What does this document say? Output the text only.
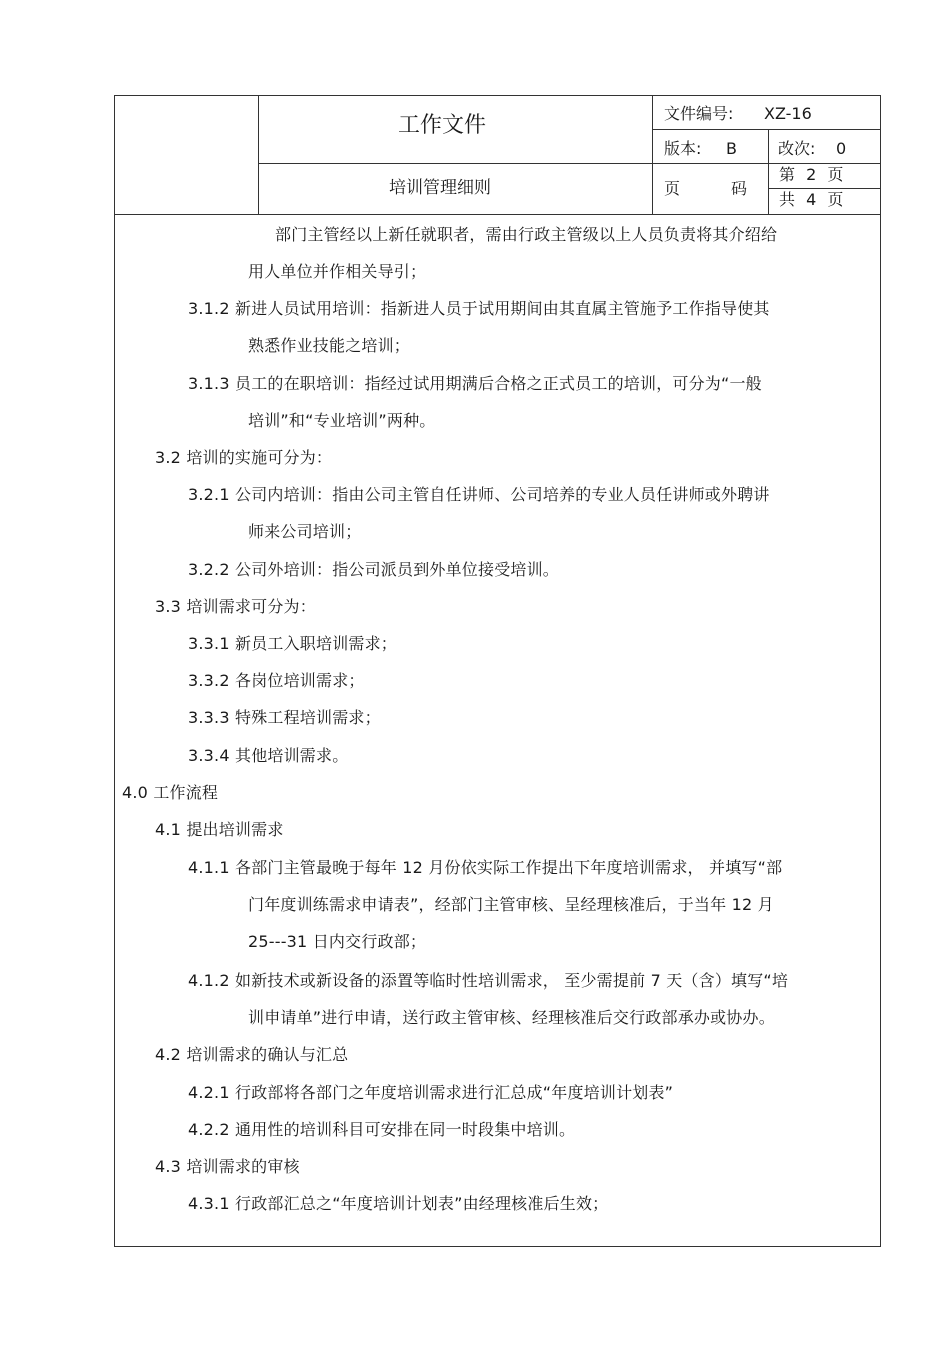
工作文件
培训管理细则
文件编号: XZ-16
版本: B	改次: 0
页	码
第 2 页
共 4 页
部门主管经以上新任就职者，需由行政主管级以上人员负责将其介绍给
用人单位并作相关导引；
3.1.2 新进人员试用培训：指新进人员于试用期间由其直属主管施予工作指导使其
熟悉作业技能之培训；
3.1.3 员工的在职培训：指经过试用期满后合格之正式员工的培训，可分为“一般
培训”和“专业培训”两种。
3.2 培训的实施可分为：
3.2.1 公司内培训：指由公司主管自任讲师、公司培养的专业人员任讲师或外聘讲
师来公司培训；
3.2.2 公司外培训：指公司派员到外单位接受培训。
3.3 培训需求可分为：
3.3.1 新员工入职培训需求；
3.3.2 各岗位培训需求；
3.3.3 特殊工程培训需求；
3.3.4 其他培训需求。
4.0 工作流程
4.1 提出培训需求
4.1.1 各部门主管最晚于每年 12 月份依实际工作提出下年度培训需求， 并填写“部
门年度训练需求申请表”，经部门主管审核、呈经理核准后，于当年 12 月
25---31 日内交行政部；
4.1.2 如新技术或新设备的添置等临时性培训需求， 至少需提前 7 天（含）填写“培
训申请单”进行申请，送行政主管审核、经理核准后交行政部承办或协办。
4.2 培训需求的确认与汇总
4.2.1 行政部将各部门之年度培训需求进行汇总成“年度培训计划表”
4.2.2 通用性的培训科目可安排在同一时段集中培训。
4.3 培训需求的审核
4.3.1 行政部汇总之“年度培训计划表”由经理核准后生效；
